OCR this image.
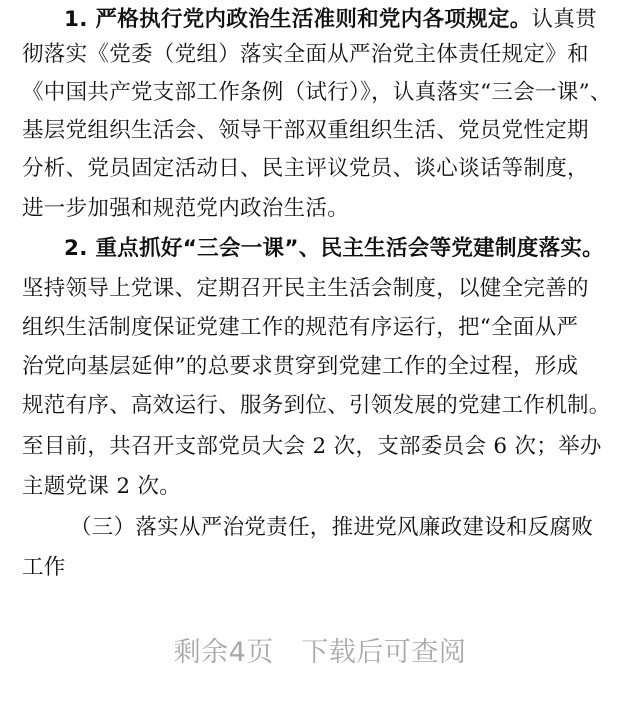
1. 严格执行党内政治生活准则和党内各项规定。认真贯
彻落实《党委（党组）落实全面从严治党主体责任规定》和
《中国共产党支部工作条例（试行）》，认真落实“三会一课”、
基层党组织生活会、领导干部双重组织生活、党员党性定期
分析、党员固定活动日、民主评议党员、谈心谈话等制度，
进一步加强和规范党内政治生活。
2. 重点抓好“三会一课”、民主生活会等党建制度落实。
坚持领导上党课、定期召开民主生活会制度，以健全完善的
组织生活制度保证党建工作的规范有序运行，把“全面从严
治党向基层延伸”的总要求贯穿到党建工作的全过程，形成
规范有序、高效运行、服务到位、引领发展的党建工作机制。
至目前，共召开支部党员大会 2 次，支部委员会 6 次；举办
主题党课 2 次。
（三）落实从严治党责任，推进党风廉政建设和反腐败
工作
剩余4页　下载后可查阅
